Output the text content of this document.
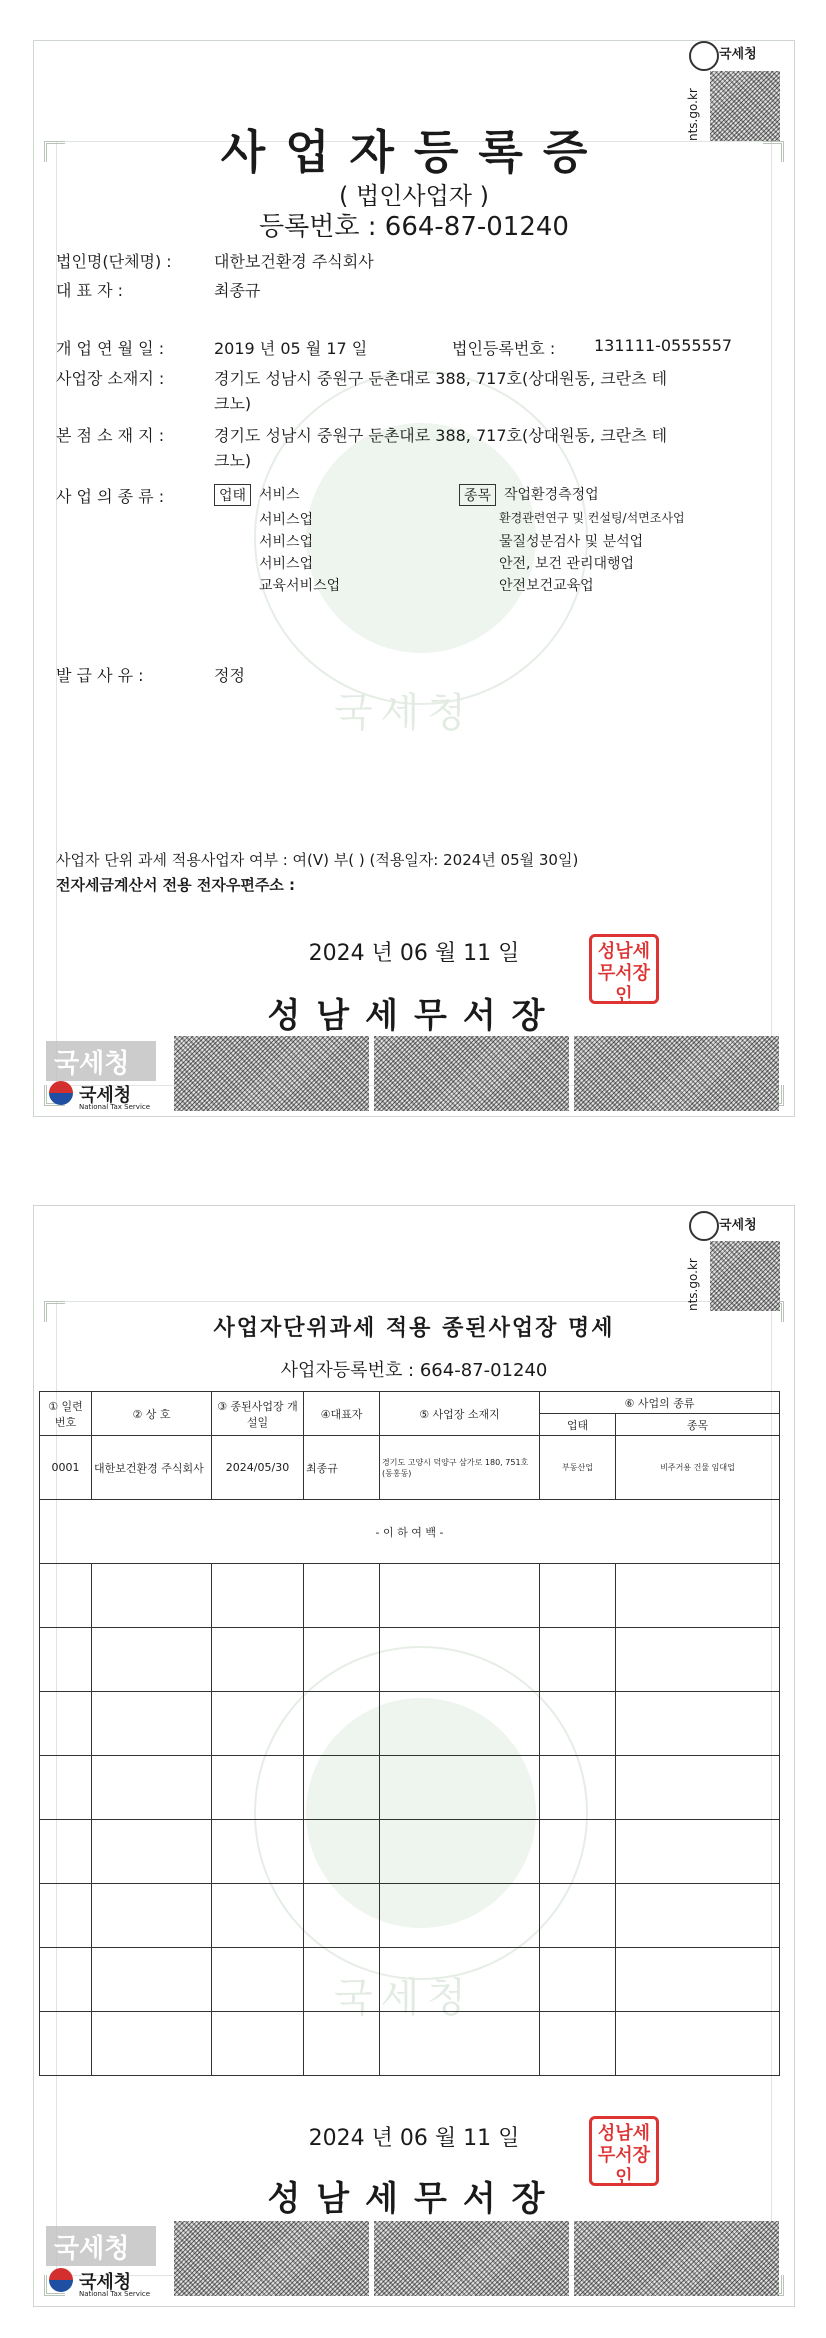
국세청
국세청
nts.go.kr
사업자등록증
( 법인사업자 )
등록번호 : 664-87-01240
법인명(단체명) :	대한보건환경 주식회사
대 표 자 :	최종규
개 업 연 월 일 :	2019 년 05 월 17 일	법인등록번호 : 131111-0555557
사업장 소재지 :	경기도 성남시 중원구 둔촌대로 388, 717호(상대원동, 크란츠 테
크노)
본 점 소 재 지 :	경기도 성남시 중원구 둔촌대로 388, 717호(상대원동, 크란츠 테
크노)
사 업 의 종 류 :	업태	종목
서비스	작업환경측정업
서비스업	환경관련연구 및 컨설팅/석면조사업
서비스업	물질성분검사 및 분석업
서비스업	안전, 보건 관리대행업
교육서비스업	안전보건교육업
발 급 사 유 :	정정
사업자 단위 과세 적용사업자 여부 : 여(V) 부( ) (적용일자: 2024년 05월 30일)
전자세금계산서 전용 전자우편주소 :
2024 년 06 월 11 일
성남세무서장
성남세무서장인
국세청
국세청
National Tax Service
국세청
국세청
nts.go.kr
사업자단위과세 적용 종된사업장 명세
사업자등록번호 : 664-87-01240
① 일련 번호	② 상 호	③ 종된사업장 개설일	④대표자	⑤ 사업장 소재지	⑥ 사업의 종류	
					업태	종목
0001	대한보건환경 주식회사	2024/05/30	최종규	경기도 고양시 덕양구 삼가로 180, 751호 (동홍동)	부동산업	비주거용 건물 임대업
- 이 하 여 백 -						

2024 년 06 월 11 일
성남세무서장
성남세무서장인
국세청
국세청
National Tax Service
